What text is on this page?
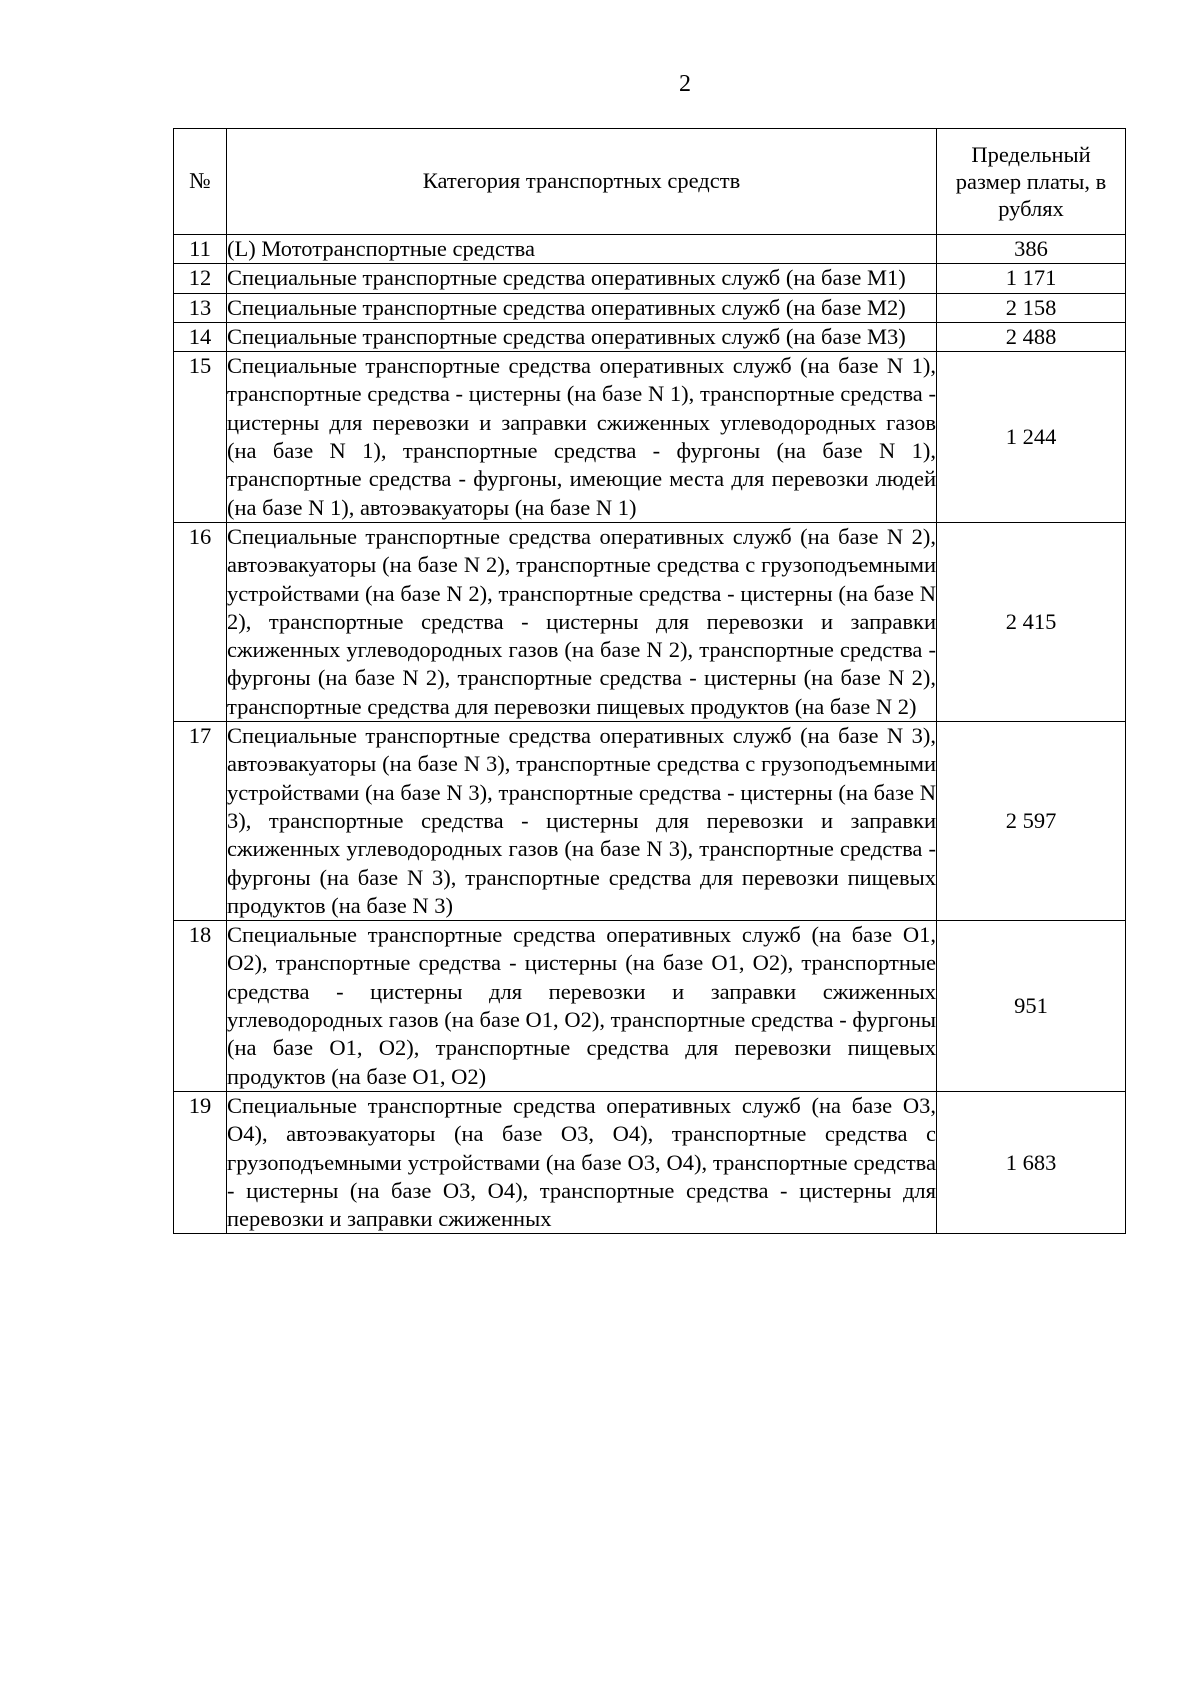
2
№	Категория транспортных средств	Предельный размер платы, в рублях
11	(L) Мототранспортные средства	386
12	Специальные транспортные средства оперативных служб (на базе M1)	1 171
13	Специальные транспортные средства оперативных служб (на базе M2)	2 158
14	Специальные транспортные средства оперативных служб (на базе M3)	2 488
15	Специальные транспортные средства оперативных служб (на базе N 1), транспортные средства - цистерны (на базе N 1), транспортные средства - цистерны для перевозки и заправки сжиженных углеводородных газов (на базе N 1), транспортные средства - фургоны (на базе N 1), транспортные средства - фургоны, имеющие места для перевозки людей (на базе N 1), автоэвакуаторы (на базе N 1)	1 244
16	Специальные транспортные средства оперативных служб (на базе N 2), автоэвакуаторы (на базе N 2), транспортные средства с грузоподъемными устройствами (на базе N 2), транспортные средства - цистерны (на базе N 2), транспортные средства - цистерны для перевозки и заправки сжиженных углеводородных газов (на базе N 2), транспортные средства - фургоны (на базе N 2), транспортные средства - цистерны (на базе N 2), транспортные средства для перевозки пищевых продуктов (на базе N 2)	2 415
17	Специальные транспортные средства оперативных служб (на базе N 3), автоэвакуаторы (на базе N 3), транспортные средства с грузоподъемными устройствами (на базе N 3), транспортные средства - цистерны (на базе N 3), транспортные средства - цистерны для перевозки и заправки сжиженных углеводородных газов (на базе N 3), транспортные средства - фургоны (на базе N 3), транспортные средства для перевозки пищевых продуктов (на базе N 3)	2 597
18	Специальные транспортные средства оперативных служб (на базе O1, O2), транспортные средства - цистерны (на базе O1, O2), транспортные средства - цистерны для перевозки и заправки сжиженных углеводородных газов (на базе O1, O2), транспортные средства - фургоны (на базе O1, O2), транспортные средства для перевозки пищевых продуктов (на базе O1, O2)	951
19	Специальные транспортные средства оперативных служб (на базе O3, O4), автоэвакуаторы (на базе O3, O4), транспортные средства с грузоподъемными устройствами (на базе O3, O4), транспортные средства - цистерны (на базе O3, O4), транспортные средства - цистерны для перевозки и заправки сжиженных	1 683
